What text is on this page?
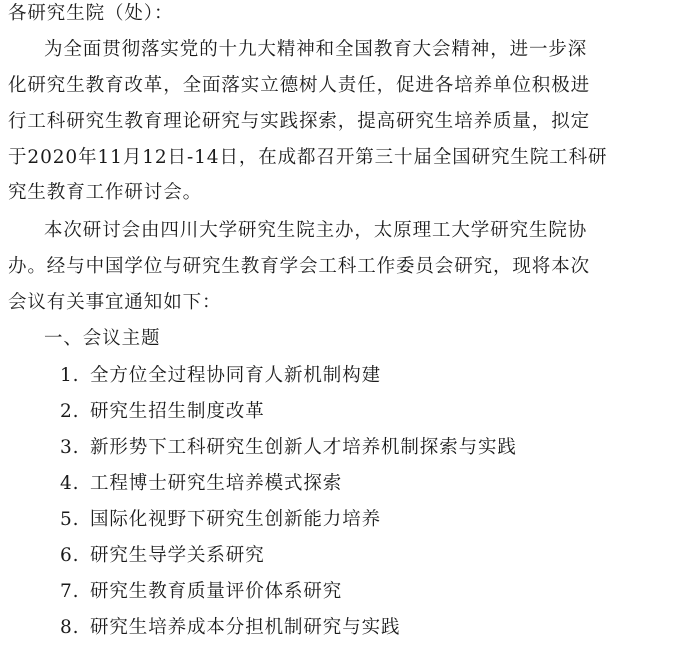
各研究生院（处）：
为全面贯彻落实党的十九大精神和全国教育大会精神，进一步深
化研究生教育改革，全面落实立德树人责任，促进各培养单位积极进
行工科研究生教育理论研究与实践探索，提高研究生培养质量，拟定
于2020年11月12日-14日，在成都召开第三十届全国研究生院工科研
究生教育工作研讨会。
本次研讨会由四川大学研究生院主办，太原理工大学研究生院协
办。经与中国学位与研究生教育学会工科工作委员会研究，现将本次
会议有关事宜通知如下：
一、会议主题
1. 全方位全过程协同育人新机制构建
2. 研究生招生制度改革
3. 新形势下工科研究生创新人才培养机制探索与实践
4. 工程博士研究生培养模式探索
5. 国际化视野下研究生创新能力培养
6. 研究生导学关系研究
7. 研究生教育质量评价体系研究
8. 研究生培养成本分担机制研究与实践
